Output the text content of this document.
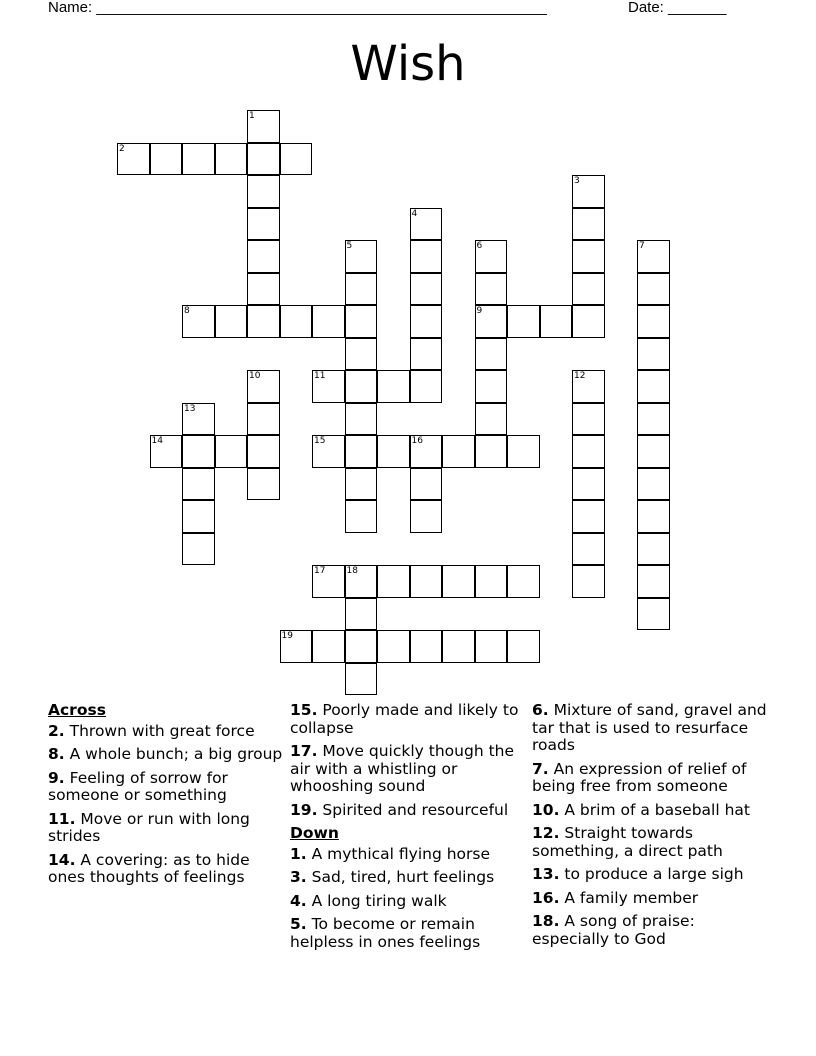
Name: ______________________________________________________	Date: _______
Wish
2
8	9
11
14	15	16
17 18
19
1
3
4
5	6	7
10	12
13
Across
2. Thrown with great force
8. A whole bunch; a big group
9. Feeling of sorrow for someone or something
11. Move or run with long strides
14. A covering: as to hide ones thoughts of feelings
15. Poorly made and likely to collapse
17. Move quickly though the air with a whistling or whooshing sound
19. Spirited and resourceful
Down
1. A mythical flying horse
3. Sad, tired, hurt feelings
4. A long tiring walk
5. To become or remain helpless in ones feelings
6. Mixture of sand, gravel and tar that is used to resurface roads
7. An expression of relief of being free from someone
10. A brim of a baseball hat
12. Straight towards something, a direct path
13. to produce a large sigh
16. A family member
18. A song of praise: especially to God
